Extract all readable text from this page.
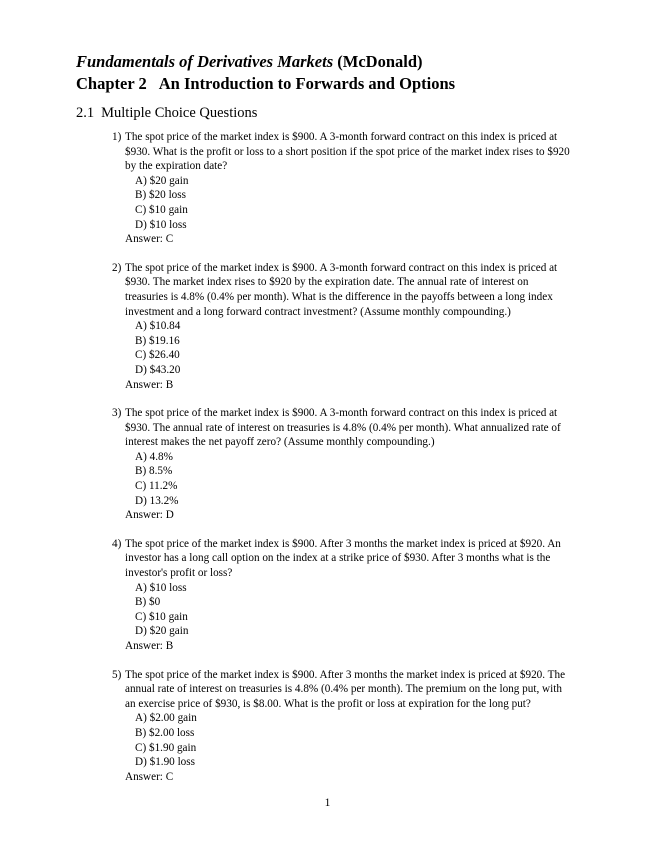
Fundamentals of Derivatives Markets (McDonald)
Chapter 2 An Introduction to Forwards and Options
2.1 Multiple Choice Questions
1) The spot price of the market index is $900. A 3-month forward contract on this index is priced at $930. What is the profit or loss to a short position if the spot price of the market index rises to $920 by the expiration date?

A) $20 gain
B) $20 loss
C) $10 gain
D) $10 loss
Answer: C
2) The spot price of the market index is $900. A 3-month forward contract on this index is priced at $930. The market index rises to $920 by the expiration date. The annual rate of interest on treasuries is 4.8% (0.4% per month). What is the difference in the payoffs between a long index investment and a long forward contract investment? (Assume monthly compounding.)

A) $10.84
B) $19.16
C) $26.40
D) $43.20
Answer: B
3) The spot price of the market index is $900. A 3-month forward contract on this index is priced at $930. The annual rate of interest on treasuries is 4.8% (0.4% per month). What annualized rate of interest makes the net payoff zero? (Assume monthly compounding.)

A) 4.8%
B) 8.5%
C) 11.2%
D) 13.2%
Answer: D
4) The spot price of the market index is $900. After 3 months the market index is priced at $920. An investor has a long call option on the index at a strike price of $930. After 3 months what is the investor's profit or loss?

A) $10 loss
B) $0
C) $10 gain
D) $20 gain
Answer: B
5) The spot price of the market index is $900. After 3 months the market index is priced at $920. The annual rate of interest on treasuries is 4.8% (0.4% per month). The premium on the long put, with an exercise price of $930, is $8.00. What is the profit or loss at expiration for the long put?

A) $2.00 gain
B) $2.00 loss
C) $1.90 gain
D) $1.90 loss
Answer: C
1
